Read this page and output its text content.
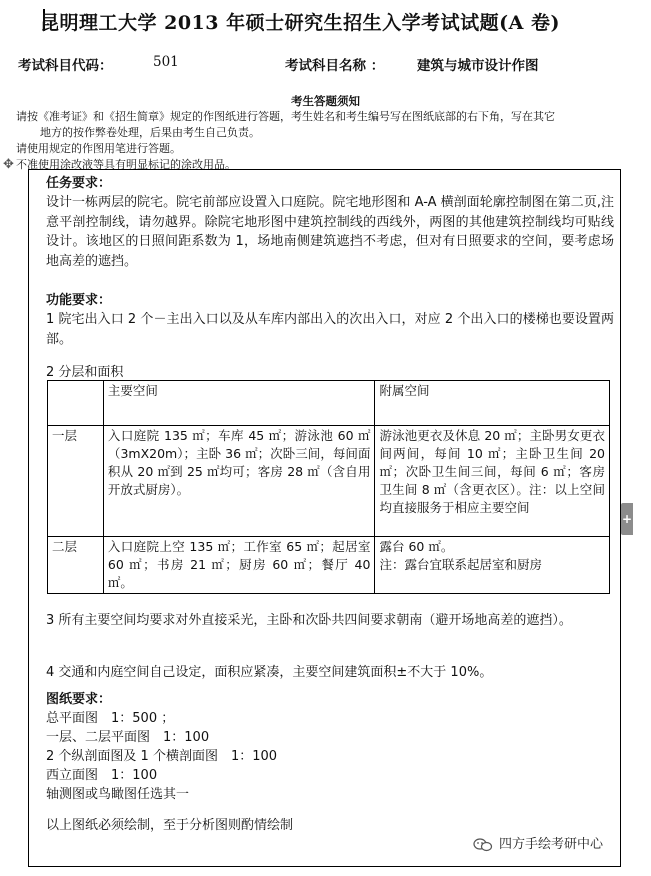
昆明理工大学 2013 年硕士研究生招生入学考试试题(A 卷)
考试科目代码：	501	考试科目名称 ： 建筑与城市设计作图
考生答题须知
请按《准考证》和《招生简章》规定的作图纸进行答题，考生姓名和考生编号写在图纸底部的右下角，写在其它
地方的按作弊卷处理，后果由考生自己负责。
请使用规定的作图用笔进行答题。
✥ 不准使用涂改液等具有明显标记的涂改用品。
+
任务要求：
设计一栋两层的院宅。院宅前部应设置入口庭院。院宅地形图和 A-A 横剖面轮廓控制图在第二页,注意平剖控制线，请勿越界。除院宅地形图中建筑控制线的西线外，两图的其他建筑控制线均可贴线设计。该地区的日照间距系数为 1，场地南侧建筑遮挡不考虑，但对有日照要求的空间，要考虑场地高差的遮挡。
功能要求：
1 院宅出入口 2 个－主出入口以及从车库内部出入的次出入口，对应 2 个出入口的楼梯也要设置两部。
2 分层和面积
	主要空间	附属空间
一层	入口庭院 135 ㎡；车库 45 ㎡；游泳池 60 ㎡（3mX20m）；主卧 36 ㎡；次卧三间，每间面积从 20 ㎡到 25 ㎡均可；客房 28 ㎡（含自用开放式厨房）。	游泳池更衣及休息 20 ㎡；主卧男女更衣间两间，每间 10 ㎡；主卧卫生间 20 ㎡；次卧卫生间三间，每间 6 ㎡；客房卫生间 8 ㎡（含更衣区）。注：以上空间均直接服务于相应主要空间
二层	入口庭院上空 135 ㎡；工作室 65 ㎡；起居室 60 ㎡；书房 21 ㎡；厨房 60 ㎡；餐厅 40 ㎡。	露台 60 ㎡。
注：露台宜联系起居室和厨房
3 所有主要空间均要求对外直接采光，主卧和次卧共四间要求朝南（避开场地高差的遮挡）。
4 交通和内庭空间自己设定，面积应紧凑，主要空间建筑面积±不大于 10%。
图纸要求：
总平面图　1：500 ；
一层、二层平面图　1：100
2 个纵剖面图及 1 个横剖面图　1：100
西立面图　1：100
轴测图或鸟瞰图任选其一
以上图纸必须绘制，至于分析图则酌情绘制
四方手绘考研中心
